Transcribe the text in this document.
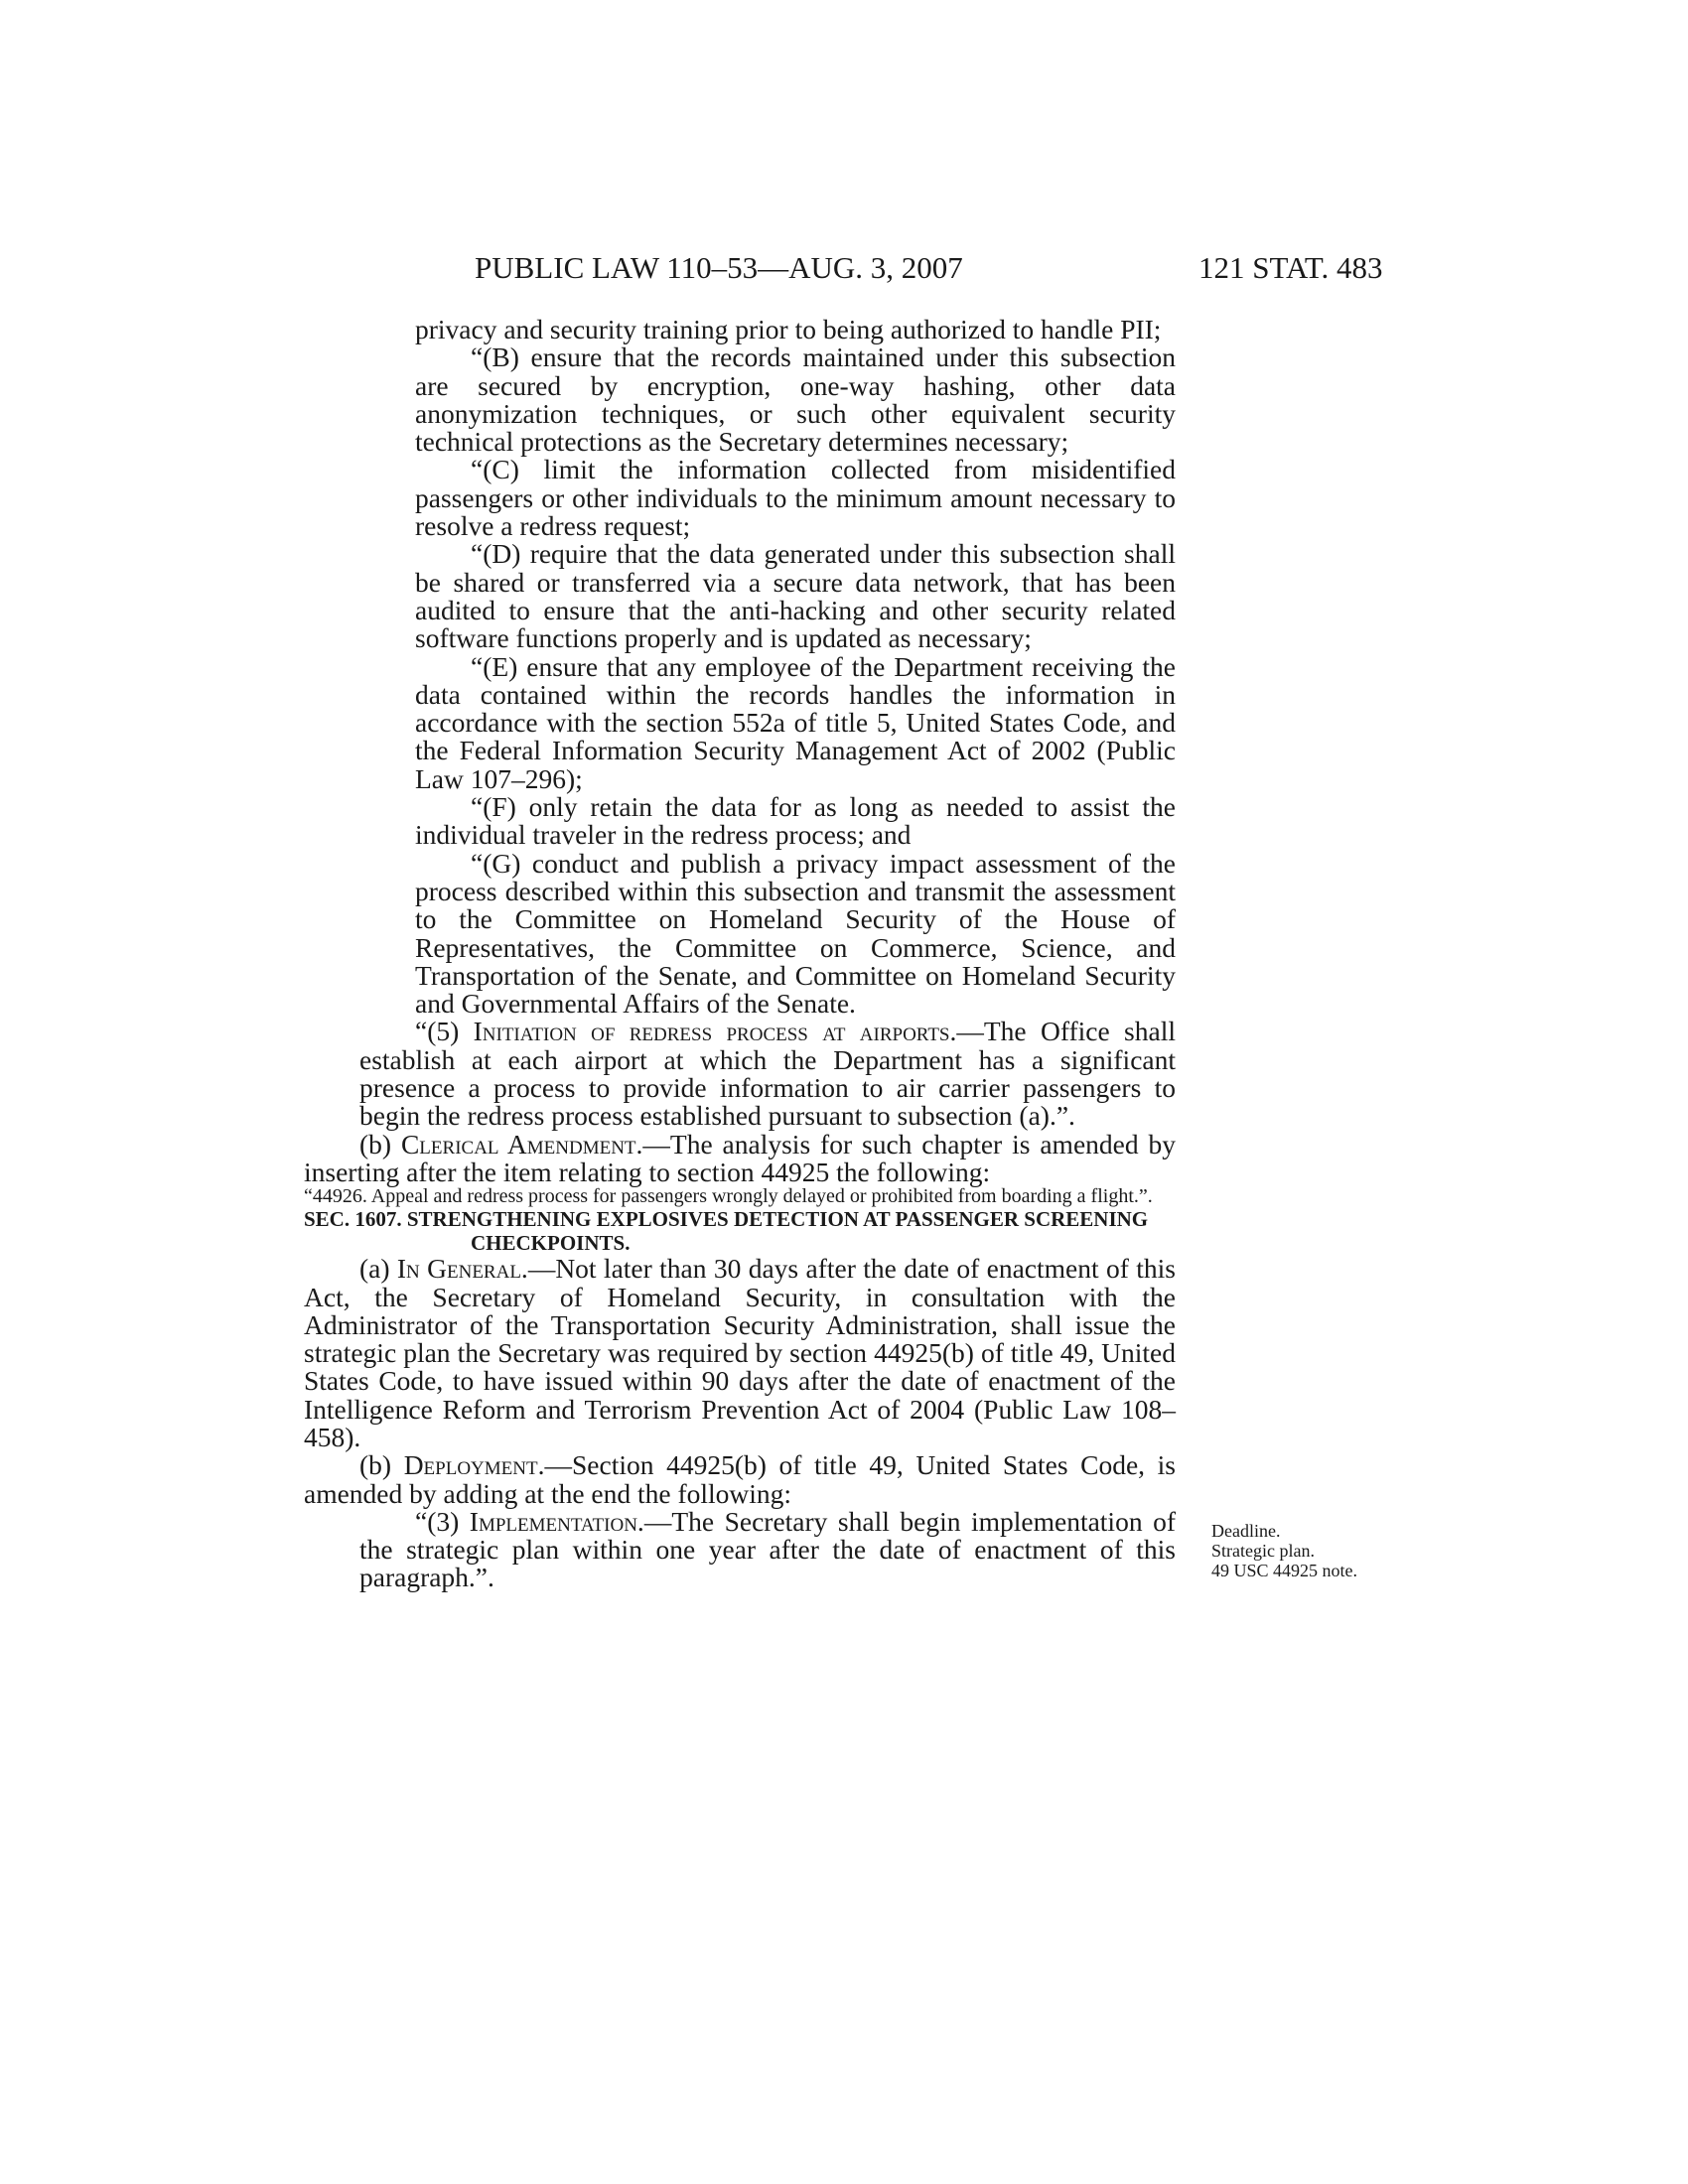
PUBLIC LAW 110–53—AUG. 3, 2007	121 STAT. 483

privacy and security training prior to being authorized to handle PII;

“(B) ensure that the records maintained under this subsection are secured by encryption, one-way hashing, other data anonymization techniques, or such other equivalent security technical protections as the Secretary determines necessary;

“(C) limit the information collected from misidentified passengers or other individuals to the minimum amount necessary to resolve a redress request;

“(D) require that the data generated under this subsection shall be shared or transferred via a secure data network, that has been audited to ensure that the anti-hacking and other security related software functions properly and is updated as necessary;

“(E) ensure that any employee of the Department receiving the data contained within the records handles the information in accordance with the section 552a of title 5, United States Code, and the Federal Information Security Management Act of 2002 (Public Law 107–296);

“(F) only retain the data for as long as needed to assist the individual traveler in the redress process; and

“(G) conduct and publish a privacy impact assessment of the process described within this subsection and transmit the assessment to the Committee on Homeland Security of the House of Representatives, the Committee on Commerce, Science, and Transportation of the Senate, and Committee on Homeland Security and Governmental Affairs of the Senate.

“(5) Initiation of redress process at airports.—The Office shall establish at each airport at which the Department has a significant presence a process to provide information to air carrier passengers to begin the redress process established pursuant to subsection (a).”.

(b) Clerical Amendment.—The analysis for such chapter is amended by inserting after the item relating to section 44925 the following:

“44926. Appeal and redress process for passengers wrongly delayed or prohibited from boarding a flight.”.

SEC. 1607. STRENGTHENING EXPLOSIVES DETECTION AT PASSENGER SCREENING CHECKPOINTS.

(a) In General.—Not later than 30 days after the date of enactment of this Act, the Secretary of Homeland Security, in consultation with the Administrator of the Transportation Security Administration, shall issue the strategic plan the Secretary was required by section 44925(b) of title 49, United States Code, to have issued within 90 days after the date of enactment of the Intelligence Reform and Terrorism Prevention Act of 2004 (Public Law 108–458).

(b) Deployment.—Section 44925(b) of title 49, United States Code, is amended by adding at the end the following:

“(3) Implementation.—The Secretary shall begin implementation of the strategic plan within one year after the date of enactment of this paragraph.”.

Deadline.
Strategic plan.
49 USC 44925 note.
